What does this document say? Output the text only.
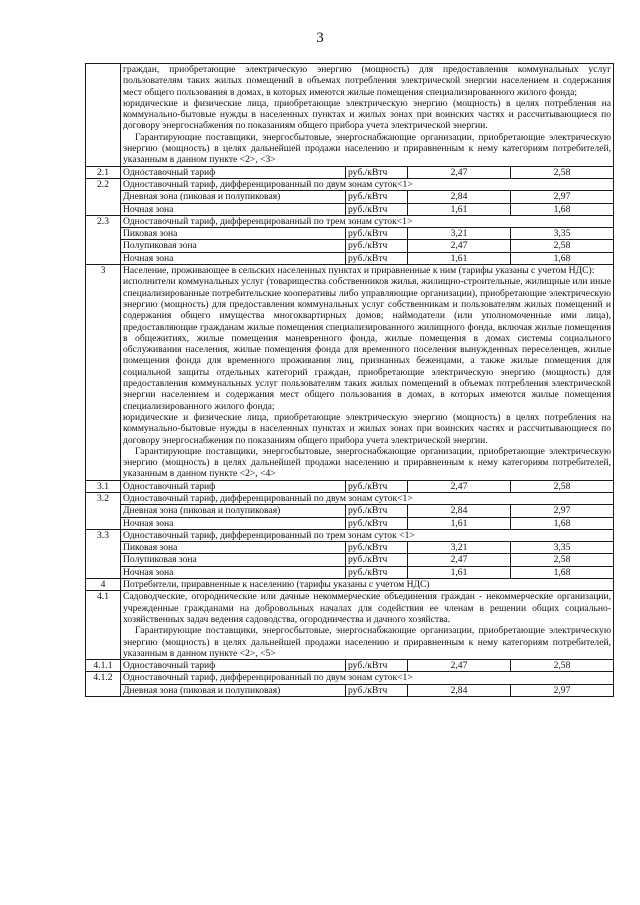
3

	граждан, приобретающие электрическую энергию (мощность) для предоставления коммунальных услуг пользователям таких жилых помещений в объемах потребления электрической энергии населением и содержания мест общего пользования в домах, в которых имеются жилые помещения специализированного жилого фонда;

юридические и физические лица, приобретающие электрическую энергию (мощность) в целях потребления на коммунально-бытовые нужды в населенных пунктах и жилых зонах при воинских частях и рассчитывающиеся по договору энергоснабжения по показаниям общего прибора учета электрической энергии.

Гарантирующие поставщики, энергосбытовые, энергоснабжающие организации, приобретающие электрическую энергию (мощность) в целях дальнейшей продажи населению и приравненным к нему категориям потребителей, указанным в данном пункте <2>, <3>			

2.1	Одноставочный тариф	руб./кВтч	2,47	2,58
2.2	Одноставочный тариф, дифференцированный по двум зонам суток<1>			
	Дневная зона (пиковая и полупиковая)	руб./кВтч	2,84	2,97
	Ночная зона	руб./кВтч	1,61	1,68
2.3	Одноставочный тариф, дифференцированный по трем зонам суток<1>			
	Пиковая зона	руб./кВтч	3,21	3,35
	Полупиковая зона	руб./кВтч	2,47	2,58
	Ночная зона	руб./кВтч	1,61	1,68
3	Население, проживающее в сельских населенных пунктах и приравненные к ним (тарифы указаны с учетом НДС):

исполнители коммунальных услуг (товарищества собственников жилья, жилищно-строительные, жилищные или иные специализированные потребительские кооперативы либо управляющие организации), приобретающие электрическую энергию (мощность) для предоставления коммунальных услуг собственникам и пользователям жилых помещений и содержания общего имущества многоквартирных домов; наймодатели (или уполномоченные ими лица), предоставляющие гражданам жилые помещения специализированного жилищного фонда, включая жилые помещения в общежитиях, жилые помещения маневренного фонда, жилые помещения в домах системы социального обслуживания населения, жилые помещения фонда для временного поселения вынужденных переселенцев, жилые помещения фонда для временного проживания лиц, признанных беженцами, а также жилые помещения для социальной защиты отдельных категорий граждан, приобретающие электрическую энергию (мощность) для предоставления коммунальных услуг пользователям таких жилых помещений в объемах потребления электрической энергии населением и содержания мест общего пользования в домах, в которых имеются жилые помещения специализированного жилого фонда;

юридические и физические лица, приобретающие электрическую энергию (мощность) в целях потребления на коммунально-бытовые нужды в населенных пунктах и жилых зонах при воинских частях и рассчитывающиеся по договору энергоснабжения по показаниям общего прибора учета электрической энергии.

Гарантирующие поставщики, энергосбытовые, энергоснабжающие организации, приобретающие электрическую энергию (мощность) в целях дальнейшей продажи населению и приравненным к нему категориям потребителей, указанным в данном пункте <2>, <4>			

3.1	Одноставочный тариф	руб./кВтч	2,47	2,58
3.2	Одноставочный тариф, дифференцированный по двум зонам суток<1>			
	Дневная зона (пиковая и полупиковая)	руб./кВтч	2,84	2,97
	Ночная зона	руб./кВтч	1,61	1,68
3.3	Одноставочный тариф, дифференцированный по трем зонам суток <1>			
	Пиковая зона	руб./кВтч	3,21	3,35
	Полупиковая зона	руб./кВтч	2,47	2,58
	Ночная зона	руб./кВтч	1,61	1,68
4	Потребители, приравненные к населению (тарифы указаны с учетом НДС)			
4.1	Садоводческие, огороднические или дачные некоммерческие объединения граждан - некоммерческие организации, учрежденные гражданами на добровольных началах для содействия ее членам в решении общих социально-хозяйственных задач ведения садоводства, огородничества и дачного хозяйства.

Гарантирующие поставщики, энергосбытовые, энергоснабжающие организации, приобретающие электрическую энергию (мощность) в целях дальнейшей продажи населению и приравненным к нему категориям потребителей, указанным в данном пункте <2>, <5>			

4.1.1	Одноставочный тариф	руб./кВтч	2,47	2,58
4.1.2	Одноставочный тариф, дифференцированный по двум зонам суток<1>			
	Дневная зона (пиковая и полупиковая)	руб./кВтч	2,84	2,97
